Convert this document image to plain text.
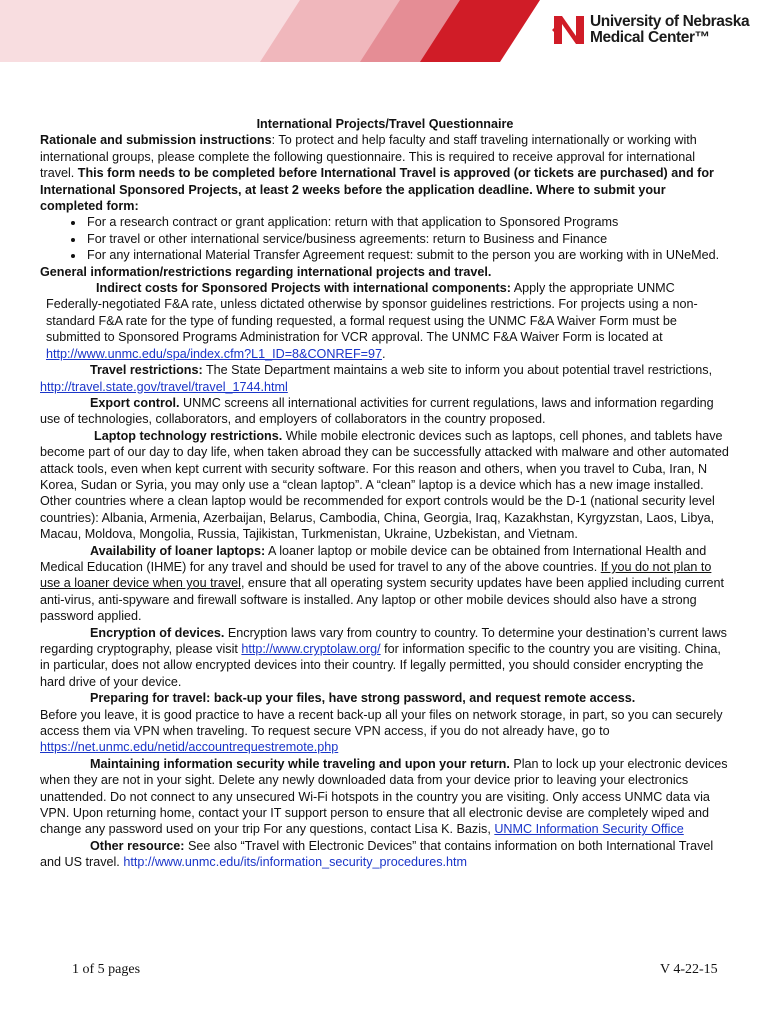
University of Nebraska
Medical Center™

International Projects/Travel Questionnaire

Rationale and submission instructions: To protect and help faculty and staff traveling internationally or working with international groups, please complete the following questionnaire. This is required to receive approval for international travel. This form needs to be completed before International Travel is approved (or tickets are purchased) and for International Sponsored Projects, at least 2 weeks before the application deadline. Where to submit your completed form:

• For a research contract or grant application: return with that application to Sponsored Programs
• For travel or other international service/business agreements: return to Business and Finance
• For any international Material Transfer Agreement request: submit to the person you are working with in UNeMed.

General information/restrictions regarding international projects and travel.

Indirect costs for Sponsored Projects with international components: Apply the appropriate UNMC Federally-negotiated F&A rate, unless dictated otherwise by sponsor guidelines restrictions. For projects using a non-standard F&A rate for the type of funding requested, a formal request using the UNMC F&A Waiver Form must be submitted to Sponsored Programs Administration for VCR approval. The UNMC F&A Waiver Form is located at http://www.unmc.edu/spa/index.cfm?L1_ID=8&CONREF=97.

Travel restrictions: The State Department maintains a web site to inform you about potential travel restrictions, http://travel.state.gov/travel/travel_1744.html

Export control. UNMC screens all international activities for current regulations, laws and information regarding use of technologies, collaborators, and employers of collaborators in the country proposed.

Laptop technology restrictions. While mobile electronic devices such as laptops, cell phones, and tablets have become part of our day to day life, when taken abroad they can be successfully attacked with malware and other automated attack tools, even when kept current with security software. For this reason and others, when you travel to Cuba, Iran, N Korea, Sudan or Syria, you may only use a “clean laptop”. A “clean” laptop is a device which has a new image installed. Other countries where a clean laptop would be recommended for export controls would be the D-1 (national security level countries): Albania, Armenia, Azerbaijan, Belarus, Cambodia, China, Georgia, Iraq, Kazakhstan, Kyrgyzstan, Laos, Libya, Macau, Moldova, Mongolia, Russia, Tajikistan, Turkmenistan, Ukraine, Uzbekistan, and Vietnam.

Availability of loaner laptops: A loaner laptop or mobile device can be obtained from International Health and Medical Education (IHME) for any travel and should be used for travel to any of the above countries. If you do not plan to use a loaner device when you travel, ensure that all operating system security updates have been applied including current anti-virus, anti-spyware and firewall software is installed. Any laptop or other mobile devices should also have a strong password applied.

Encryption of devices. Encryption laws vary from country to country. To determine your destination’s current laws regarding cryptography, please visit http://www.cryptolaw.org/ for information specific to the country you are visiting. China, in particular, does not allow encrypted devices into their country. If legally permitted, you should consider encrypting the hard drive of your device.

Preparing for travel: back-up your files, have strong password, and request remote access.

Before you leave, it is good practice to have a recent back-up all your files on network storage, in part, so you can securely access them via VPN when traveling. To request secure VPN access, if you do not already have, go to https://net.unmc.edu/netid/accountrequestremote.php

Maintaining information security while traveling and upon your return. Plan to lock up your electronic devices when they are not in your sight. Delete any newly downloaded data from your device prior to leaving your electronics unattended. Do not connect to any unsecured Wi-Fi hotspots in the country you are visiting. Only access UNMC data via VPN. Upon returning home, contact your IT support person to ensure that all electronic devise are completely wiped and change any password used on your trip For any questions, contact Lisa K. Bazis, UNMC Information Security Office

Other resource: See also “Travel with Electronic Devices” that contains information on both International Travel and US travel. http://www.unmc.edu/its/information_security_procedures.htm

1 of 5 pages	V 4-22-15
